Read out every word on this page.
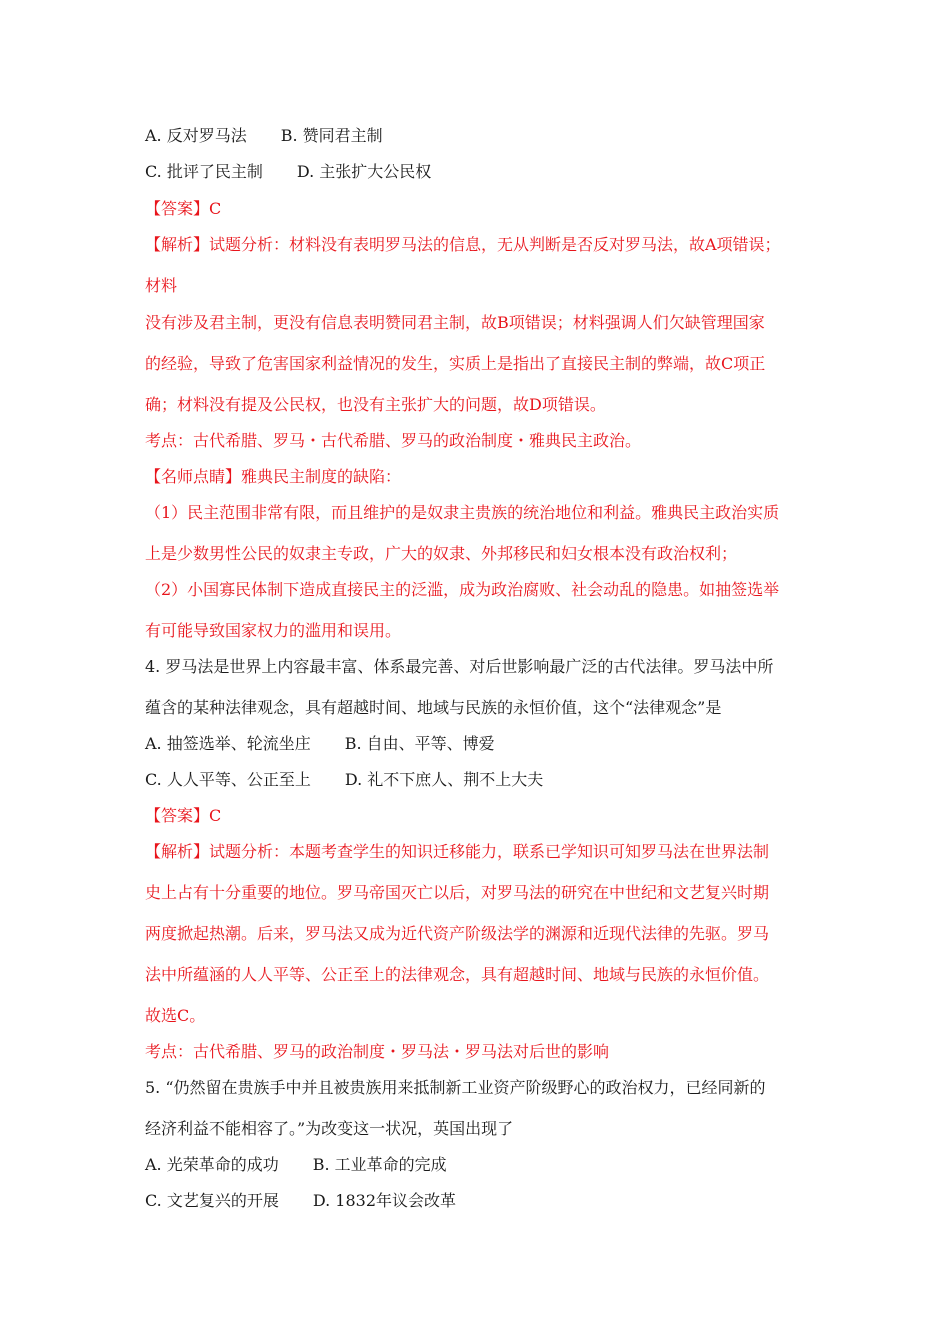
A. 反对罗马法 B. 赞同君主制
C. 批评了民主制 D. 主张扩大公民权
【答案】C
【解析】试题分析：材料没有表明罗马法的信息，无从判断是否反对罗马法，故A项错误；
材料
没有涉及君主制，更没有信息表明赞同君主制，故B项错误；材料强调人们欠缺管理国家
的经验，导致了危害国家利益情况的发生，实质上是指出了直接民主制的弊端，故C项正
确；材料没有提及公民权，也没有主张扩大的问题，故D项错误。
考点：古代希腊、罗马・古代希腊、罗马的政治制度・雅典民主政治。
【名师点睛】雅典民主制度的缺陷：
（1）民主范围非常有限，而且维护的是奴隶主贵族的统治地位和利益。雅典民主政治实质
上是少数男性公民的奴隶主专政，广大的奴隶、外邦移民和妇女根本没有政治权利；
（2）小国寡民体制下造成直接民主的泛滥，成为政治腐败、社会动乱的隐患。如抽签选举
有可能导致国家权力的滥用和误用。
4. 罗马法是世界上内容最丰富、体系最完善、对后世影响最广泛的古代法律。罗马法中所
蕴含的某种法律观念，具有超越时间、地域与民族的永恒价值，这个“法律观念”是
A. 抽签选举、轮流坐庄 B. 自由、平等、博爱
C. 人人平等、公正至上 D. 礼不下庶人、荆不上大夫
【答案】C
【解析】试题分析：本题考查学生的知识迁移能力，联系已学知识可知罗马法在世界法制
史上占有十分重要的地位。罗马帝国灭亡以后，对罗马法的研究在中世纪和文艺复兴时期
两度掀起热潮。后来，罗马法又成为近代资产阶级法学的渊源和近现代法律的先驱。罗马
法中所蕴涵的人人平等、公正至上的法律观念，具有超越时间、地域与民族的永恒价值。
故选C。
考点：古代希腊、罗马的政治制度・罗马法・罗马法对后世的影响
5. “仍然留在贵族手中并且被贵族用来抵制新工业资产阶级野心的政治权力，已经同新的
经济利益不能相容了。”为改变这一状况，英国出现了
A. 光荣革命的成功 B. 工业革命的完成
C. 文艺复兴的开展 D. 1832年议会改革
